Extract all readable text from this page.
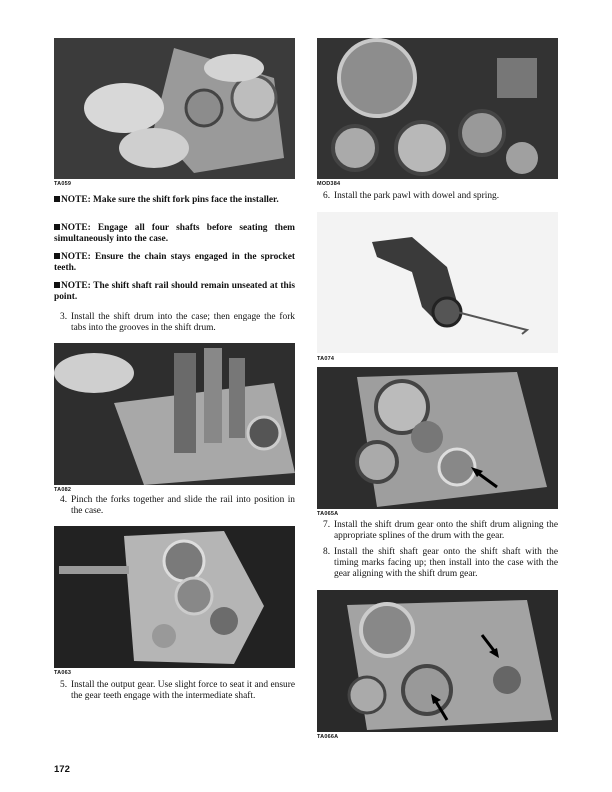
TA059
NOTE: Make sure the shift fork pins face the installer.
NOTE: Engage all four shafts before seating them simultaneously into the case.
NOTE: Ensure the chain stays engaged in the sprocket teeth.
NOTE: The shift shaft rail should remain unseated at this point.
3. Install the shift drum into the case; then engage the fork tabs into the grooves in the shift drum.
TA082
4. Pinch the forks together and slide the rail into position in the case.
TA063
5. Install the output gear. Use slight force to seat it and ensure the gear teeth engage with the intermediate shaft.
MOD384
6. Install the park pawl with dowel and spring.
TA074
TA065A
7. Install the shift drum gear onto the shift drum aligning the appropriate splines of the drum with the gear.
8. Install the shift shaft gear onto the shift shaft with the timing marks facing up; then install into the case with the gear aligning with the shift drum gear.
TA066A
172
